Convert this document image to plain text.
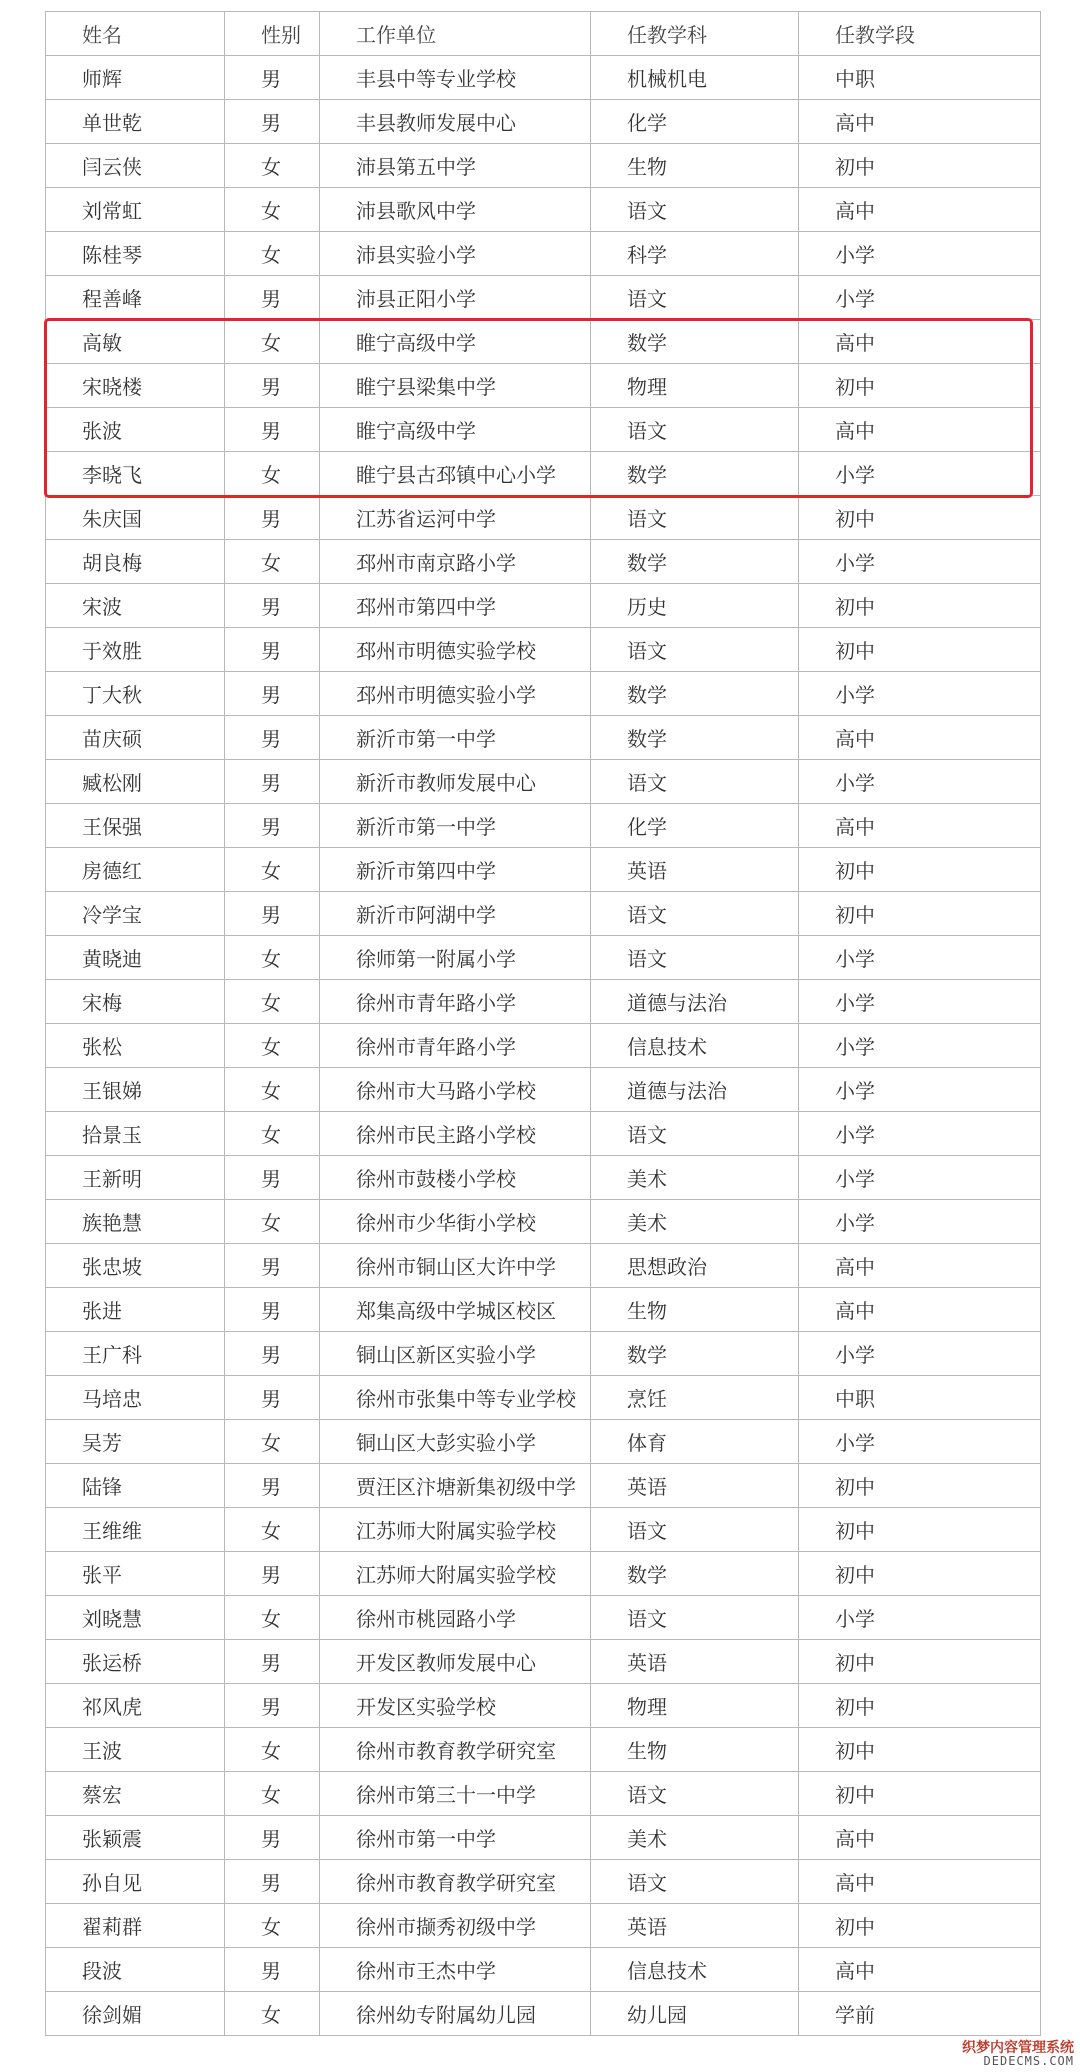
姓名	性别	工作单位	任教学科	任教学段
师辉	男	丰县中等专业学校	机械机电	中职
单世乾	男	丰县教师发展中心	化学	高中
闫云侠	女	沛县第五中学	生物	初中
刘常虹	女	沛县歌风中学	语文	高中
陈桂琴	女	沛县实验小学	科学	小学
程善峰	男	沛县正阳小学	语文	小学
高敏	女	睢宁高级中学	数学	高中
宋晓楼	男	睢宁县梁集中学	物理	初中
张波	男	睢宁高级中学	语文	高中
李晓飞	女	睢宁县古邳镇中心小学	数学	小学
朱庆国	男	江苏省运河中学	语文	初中
胡良梅	女	邳州市南京路小学	数学	小学
宋波	男	邳州市第四中学	历史	初中
于效胜	男	邳州市明德实验学校	语文	初中
丁大秋	男	邳州市明德实验小学	数学	小学
苗庆硕	男	新沂市第一中学	数学	高中
臧松刚	男	新沂市教师发展中心	语文	小学
王保强	男	新沂市第一中学	化学	高中
房德红	女	新沂市第四中学	英语	初中
冷学宝	男	新沂市阿湖中学	语文	初中
黄晓迪	女	徐师第一附属小学	语文	小学
宋梅	女	徐州市青年路小学	道德与法治	小学
张松	女	徐州市青年路小学	信息技术	小学
王银娣	女	徐州市大马路小学校	道德与法治	小学
拾景玉	女	徐州市民主路小学校	语文	小学
王新明	男	徐州市鼓楼小学校	美术	小学
族艳慧	女	徐州市少华街小学校	美术	小学
张忠坡	男	徐州市铜山区大许中学	思想政治	高中
张进	男	郑集高级中学城区校区	生物	高中
王广科	男	铜山区新区实验小学	数学	小学
马培忠	男	徐州市张集中等专业学校	烹饪	中职
吴芳	女	铜山区大彭实验小学	体育	小学
陆锋	男	贾汪区汴塘新集初级中学	英语	初中
王维维	女	江苏师大附属实验学校	语文	初中
张平	男	江苏师大附属实验学校	数学	初中
刘晓慧	女	徐州市桃园路小学	语文	小学
张运桥	男	开发区教师发展中心	英语	初中
祁风虎	男	开发区实验学校	物理	初中
王波	女	徐州市教育教学研究室	生物	初中
蔡宏	女	徐州市第三十一中学	语文	初中
张颖震	男	徐州市第一中学	美术	高中
孙自见	男	徐州市教育教学研究室	语文	高中
翟莉群	女	徐州市撷秀初级中学	英语	初中
段波	男	徐州市王杰中学	信息技术	高中
徐剑媚	女	徐州幼专附属幼儿园	幼儿园	学前
织梦内容管理系统
DEDECMS.COM
